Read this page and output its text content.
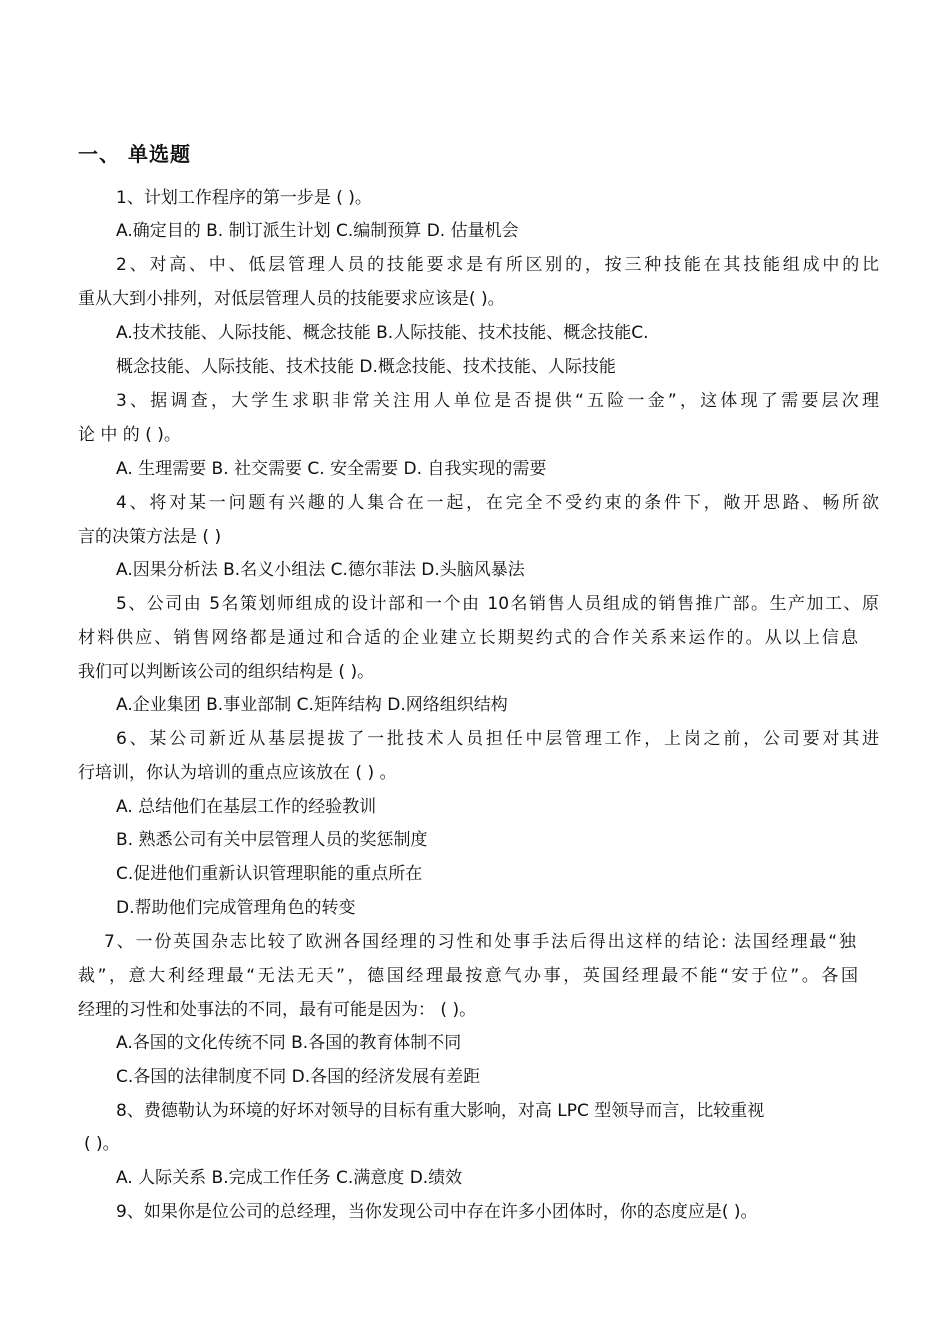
一、 单选题
1、计划工作程序的第一步是 ( )。
A.确定目的 B. 制订派生计划 C.编制预算 D. 估量机会
2、对高、中、低层管理人员的技能要求是有所区别的，按三种技能在其技能组成中的比
重从大到小排列，对低层管理人员的技能要求应该是( )。
A.技术技能、人际技能、概念技能 B.人际技能、技术技能、概念技能C.
概念技能、人际技能、技术技能 D.概念技能、技术技能、人际技能
3、据调查，大学生求职非常关注用人单位是否提供“五险一金”，这体现了需要层次理
论 中 的 ( )。
A. 生理需要 B. 社交需要 C. 安全需要 D. 自我实现的需要
4、将对某一问题有兴趣的人集合在一起，在完全不受约束的条件下，敞开思路、畅所欲
言的决策方法是 ( )
A.因果分析法 B.名义小组法 C.德尔菲法 D.头脑风暴法
5、公司由 5名策划师组成的设计部和一个由 10名销售人员组成的销售推广部。生产加工、原
材料供应、销售网络都是通过和合适的企业建立长期契约式的合作关系来运作的。从以上信息
我们可以判断该公司的组织结构是 ( )。
A.企业集团 B.事业部制 C.矩阵结构 D.网络组织结构
6、某公司新近从基层提拔了一批技术人员担任中层管理工作，上岗之前，公司要对其进
行培训，你认为培训的重点应该放在 ( ) 。
A. 总结他们在基层工作的经验教训
B. 熟悉公司有关中层管理人员的奖惩制度
C.促进他们重新认识管理职能的重点所在
D.帮助他们完成管理角色的转变
7、一份英国杂志比较了欧洲各国经理的习性和处事手法后得出这样的结论: 法国经理最“独
裁”，意大利经理最“无法无天”，德国经理最按意气办事，英国经理最不能“安于位”。各国
经理的习性和处事法的不同，最有可能是因为： ( )。
A.各国的文化传统不同 B.各国的教育体制不同
C.各国的法律制度不同 D.各国的经济发展有差距
8、费德勒认为环境的好坏对领导的目标有重大影响，对高 LPC 型领导而言，比较重视
( )。
A. 人际关系 B.完成工作任务 C.满意度 D.绩效
9、如果你是位公司的总经理，当你发现公司中存在许多小团体时，你的态度应是( )。
